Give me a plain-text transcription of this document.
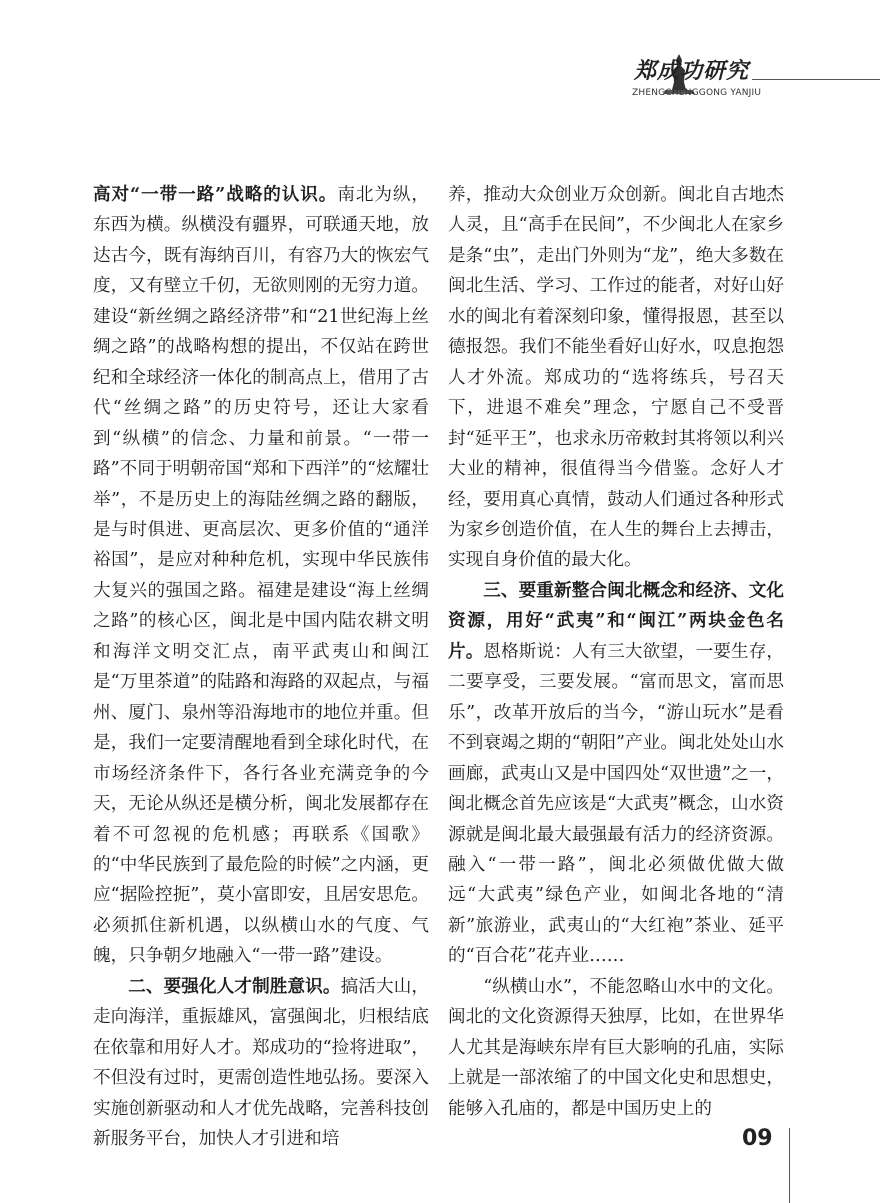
郑成功研究
ZHENGCHENGGONG YANJIU

高对“一带一路”战略的认识。南北为纵，东西为横。纵横没有疆界，可联通天地，放达古今，既有海纳百川，有容乃大的恢宏气度，又有壁立千仞，无欲则刚的无穷力道。建设“新丝绸之路经济带”和“21世纪海上丝绸之路”的战略构想的提出，不仅站在跨世纪和全球经济一体化的制高点上，借用了古代“丝绸之路”的历史符号，还让大家看到“纵横”的信念、力量和前景。“一带一路”不同于明朝帝国“郑和下西洋”的“炫耀壮举”，不是历史上的海陆丝绸之路的翻版，是与时俱进、更高层次、更多价值的“通洋裕国”，是应对种种危机，实现中华民族伟大复兴的强国之路。福建是建设“海上丝绸之路”的核心区，闽北是中国内陆农耕文明和海洋文明交汇点，南平武夷山和闽江是“万里茶道”的陆路和海路的双起点，与福州、厦门、泉州等沿海地市的地位并重。但是，我们一定要清醒地看到全球化时代，在市场经济条件下，各行各业充满竞争的今天，无论从纵还是横分析，闽北发展都存在着不可忽视的危机感；再联系《国歌》的“中华民族到了最危险的时候”之内涵，更应“据险控扼”，莫小富即安，且居安思危。必须抓住新机遇，以纵横山水的气度、气魄，只争朝夕地融入“一带一路”建设。

二、要强化人才制胜意识。搞活大山，走向海洋，重振雄风，富强闽北，归根结底在依靠和用好人才。郑成功的“捡将进取”，不但没有过时，更需创造性地弘扬。要深入实施创新驱动和人才优先战略，完善科技创新服务平台，加快人才引进和培

养，推动大众创业万众创新。闽北自古地杰人灵，且“高手在民间”，不少闽北人在家乡是条“虫”，走出门外则为“龙”，绝大多数在闽北生活、学习、工作过的能者，对好山好水的闽北有着深刻印象，懂得报恩，甚至以德报怨。我们不能坐看好山好水，叹息抱怨人才外流。郑成功的“选将练兵，号召天下，进退不难矣”理念，宁愿自己不受晋封“延平王”，也求永历帝敕封其将领以利兴大业的精神，很值得当今借鉴。念好人才经，要用真心真情，鼓动人们通过各种形式为家乡创造价值，在人生的舞台上去搏击，实现自身价值的最大化。

三、要重新整合闽北概念和经济、文化资源，用好“武夷”和“闽江”两块金色名片。恩格斯说：人有三大欲望，一要生存，二要享受，三要发展。“富而思文，富而思乐”，改革开放后的当今，“游山玩水”是看不到衰竭之期的“朝阳”产业。闽北处处山水画廊，武夷山又是中国四处“双世遗”之一，闽北概念首先应该是“大武夷”概念，山水资源就是闽北最大最强最有活力的经济资源。融入“一带一路”，闽北必须做优做大做远“大武夷”绿色产业，如闽北各地的“清新”旅游业，武夷山的“大红袍”茶业、延平的“百合花”花卉业……

“纵横山水”，不能忽略山水中的文化。闽北的文化资源得天独厚，比如，在世界华人尤其是海峡东岸有巨大影响的孔庙，实际上就是一部浓缩了的中国文化史和思想史，能够入孔庙的，都是中国历史上的

09
